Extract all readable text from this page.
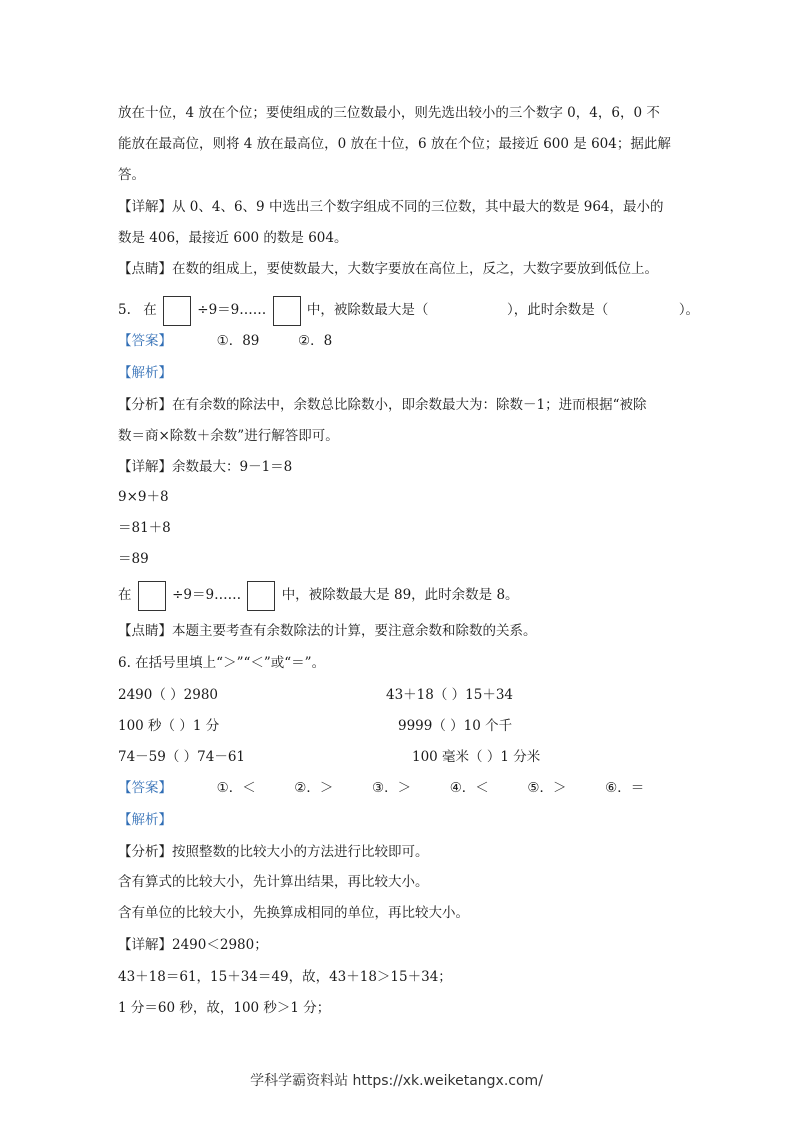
放在十位，4 放在个位；要使组成的三位数最小，则先选出较小的三个数字 0，4，6，0 不
能放在最高位，则将 4 放在最高位，0 放在十位，6 放在个位；最接近 600 是 604；据此解
答。
【详解】从 0、4、6、9 中选出三个数字组成不同的三位数，其中最大的数是 964，最小的
数是 406，最接近 600 的数是 604。
【点睛】在数的组成上，要使数最大，大数字要放在高位上，反之，大数字要放到低位上。
5. 在	÷9＝9……	中，被除数最大是（	），此时余数是（	）。
【答案】	①．89	②．8
【解析】
【分析】在有余数的除法中，余数总比除数小，即余数最大为：除数－1；进而根据“被除
数＝商×除数＋余数”进行解答即可。
【详解】余数最大：9－1＝8
9×9＋8
＝81＋8
＝89
在	÷9＝9……	中，被除数最大是 89，此时余数是 8。
【点睛】本题主要考查有余数除法的计算，要注意余数和除数的关系。
6. 在括号里填上“＞”“＜”或“＝”。
2490（ ）2980	43＋18（ ）15＋34
100 秒（ ）1 分	9999（ ）10 个千
74－59（ ）74－61	100 毫米（ ）1 分米
【答案】	①．＜	②．＞	③．＞	④．＜	⑤．＞	⑥．＝
【解析】
【分析】按照整数的比较大小的方法进行比较即可。
含有算式的比较大小，先计算出结果，再比较大小。
含有单位的比较大小，先换算成相同的单位，再比较大小。
【详解】2490＜2980；
43＋18＝61，15＋34＝49，故，43＋18＞15＋34；
1 分＝60 秒，故，100 秒＞1 分；
学科学霸资料站 https://xk.weiketangx.com/
